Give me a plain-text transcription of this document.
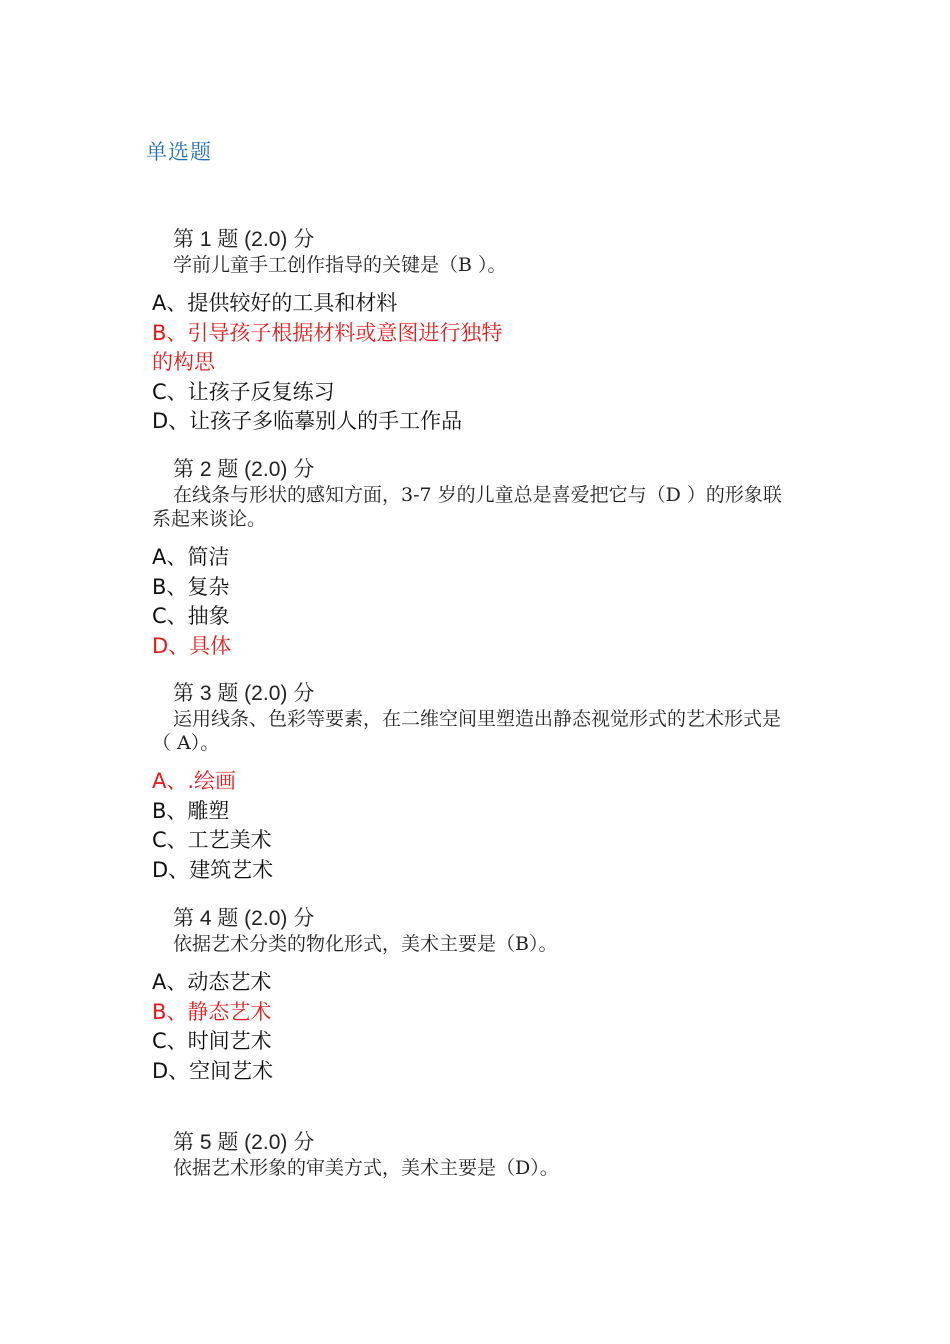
单选题
第 1 题 (2.0) 分
学前儿童手工创作指导的关键是（B ）。
A、提供较好的工具和材料
B、引导孩子根据材料或意图进行独特的构思
C、让孩子反复练习
D、让孩子多临摹别人的手工作品
第 2 题 (2.0) 分
在线条与形状的感知方面，3-7 岁的儿童总是喜爱把它与（D ）的形象联系起来谈论。
A、简洁
B、复杂
C、抽象
D、具体
第 3 题 (2.0) 分
运用线条、色彩等要素，在二维空间里塑造出静态视觉形式的艺术形式是（ A）。
A、.绘画
B、雕塑
C、工艺美术
D、建筑艺术
第 4 题 (2.0) 分
依据艺术分类的物化形式，美术主要是（B）。
A、动态艺术
B、静态艺术
C、时间艺术
D、空间艺术
第 5 题 (2.0) 分
依据艺术形象的审美方式，美术主要是（D）。
